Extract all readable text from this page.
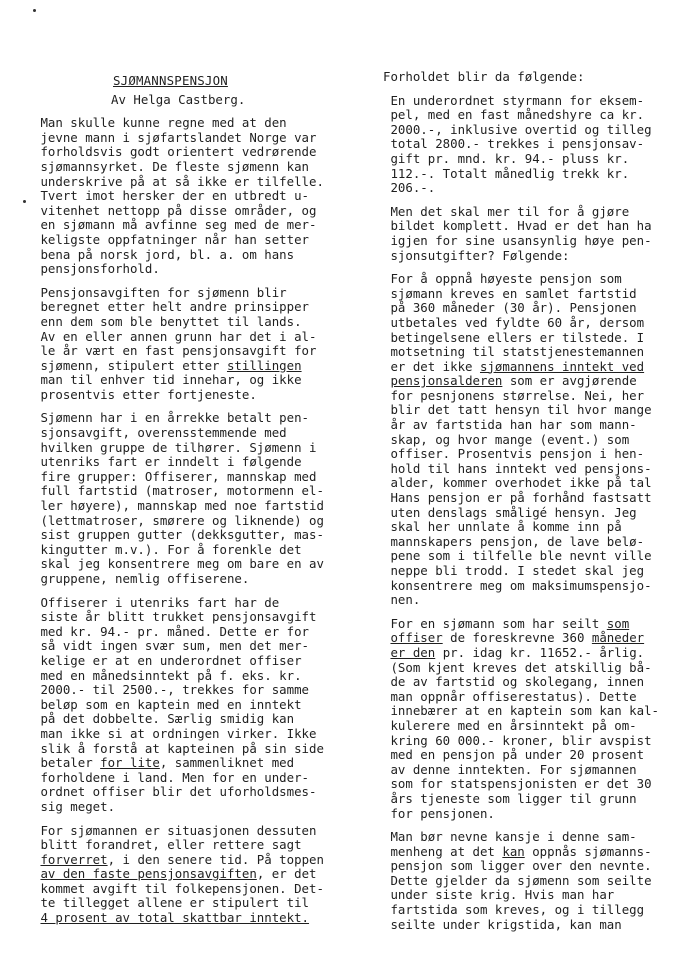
SJØMANNSPENSJON
Av Helga Castberg.
Man skulle kunne regne med at den
jevne mann i sjøfartslandet Norge var
forholdsvis godt orientert vedrørende
sjømannsyrket. De fleste sjømenn kan
underskrive på at så ikke er tilfelle.
Tvert imot hersker der en utbredt u-
vitenhet nettopp på disse områder, og
en sjømann må avfinne seg med de mer-
keligste oppfatninger når han setter
bena på norsk jord, bl. a. om hans
pensjonsforhold.
Pensjonsavgiften for sjømenn blir
beregnet etter helt andre prinsipper
enn dem som ble benyttet til lands.
Av en eller annen grunn har det i al-
le år vært en fast pensjonsavgift for
sjømenn, stipulert etter stillingen
man til enhver tid innehar, og ikke
prosentvis etter fortjeneste.
Sjømenn har i en årrekke betalt pen-
sjonsavgift, overensstemmende med
hvilken gruppe de tilhører. Sjømenn i
utenriks fart er inndelt i følgende
fire grupper: Offiserer, mannskap med
full fartstid (matroser, motormenn el-
ler høyere), mannskap med noe fartstid
(lettmatroser, smørere og liknende) og
sist gruppen gutter (dekksgutter, mas-
kingutter m.v.). For å forenkle det
skal jeg konsentrere meg om bare en av
gruppene, nemlig offiserene.
Offiserer i utenriks fart har de
siste år blitt trukket pensjonsavgift
med kr. 94.- pr. måned. Dette er for
så vidt ingen svær sum, men det mer-
kelige er at en underordnet offiser
med en månedsinntekt på f. eks. kr.
2000.- til 2500.-, trekkes for samme
beløp som en kaptein med en inntekt
på det dobbelte. Særlig smidig kan
man ikke si at ordningen virker. Ikke
slik å forstå at kapteinen på sin side
betaler for lite, sammenliknet med
forholdene i land. Men for en under-
ordnet offiser blir det uforholdsmes-
sig meget.
For sjømannen er situasjonen dessuten
blitt forandret, eller rettere sagt
forverret, i den senere tid. På toppen
av den faste pensjonsavgiften, er det
kommet avgift til folkepensjonen. Det-
te tillegget allene er stipulert til
4 prosent av total skattbar inntekt.
Forholdet blir da følgende:
En underordnet styrmann for eksem-
pel, med en fast månedshyre ca kr.
2000.-, inklusive overtid og tilleg
total 2800.- trekkes i pensjonsav-
gift pr. mnd. kr. 94.- pluss kr.
112.-. Totalt månedlig trekk kr.
206.-.
Men det skal mer til for å gjøre
bildet komplett. Hvad er det han ha
igjen for sine usansynlig høye pen-
sjonsutgifter? Følgende:
For å oppnå høyeste pensjon som
sjømann kreves en samlet fartstid
på 360 måneder (30 år). Pensjonen
utbetales ved fyldte 60 år, dersom
betingelsene ellers er tilstede. I
motsetning til statstjenestemannen
er det ikke sjømannens inntekt ved
pensjonsalderen som er avgjørende
for pesnjonens størrelse. Nei, her
blir det tatt hensyn til hvor mange
år av fartstida han har som mann-
skap, og hvor mange (event.) som
offiser. Prosentvis pensjon i hen-
hold til hans inntekt ved pensjons-
alder, kommer overhodet ikke på tal
Hans pensjon er på forhånd fastsatt
uten denslags småligé hensyn. Jeg
skal her unnlate å komme inn på
mannskapers pensjon, de lave belø-
pene som i tilfelle ble nevnt ville
neppe bli trodd. I stedet skal jeg
konsentrere meg om maksimumspensjo-
nen.
For en sjømann som har seilt som
offiser de foreskrevne 360 måneder
er den pr. idag kr. 11652.- årlig.
(Som kjent kreves det atskillig bå-
de av fartstid og skolegang, innen
man oppnår offiserestatus). Dette
innebærer at en kaptein som kan kal-
kulerere med en årsinntekt på om-
kring 60 000.- kroner, blir avspist
med en pensjon på under 20 prosent
av denne inntekten. For sjømannen
som for statspensjonisten er det 30
års tjeneste som ligger til grunn
for pensjonen.
Man bør nevne kansje i denne sam-
menheng at det kan oppnås sjømanns-
pensjon som ligger over den nevnte.
Dette gjelder da sjømenn som seilte
under siste krig. Hvis man har
fartstida som kreves, og i tillegg
seilte under krigstida, kan man
